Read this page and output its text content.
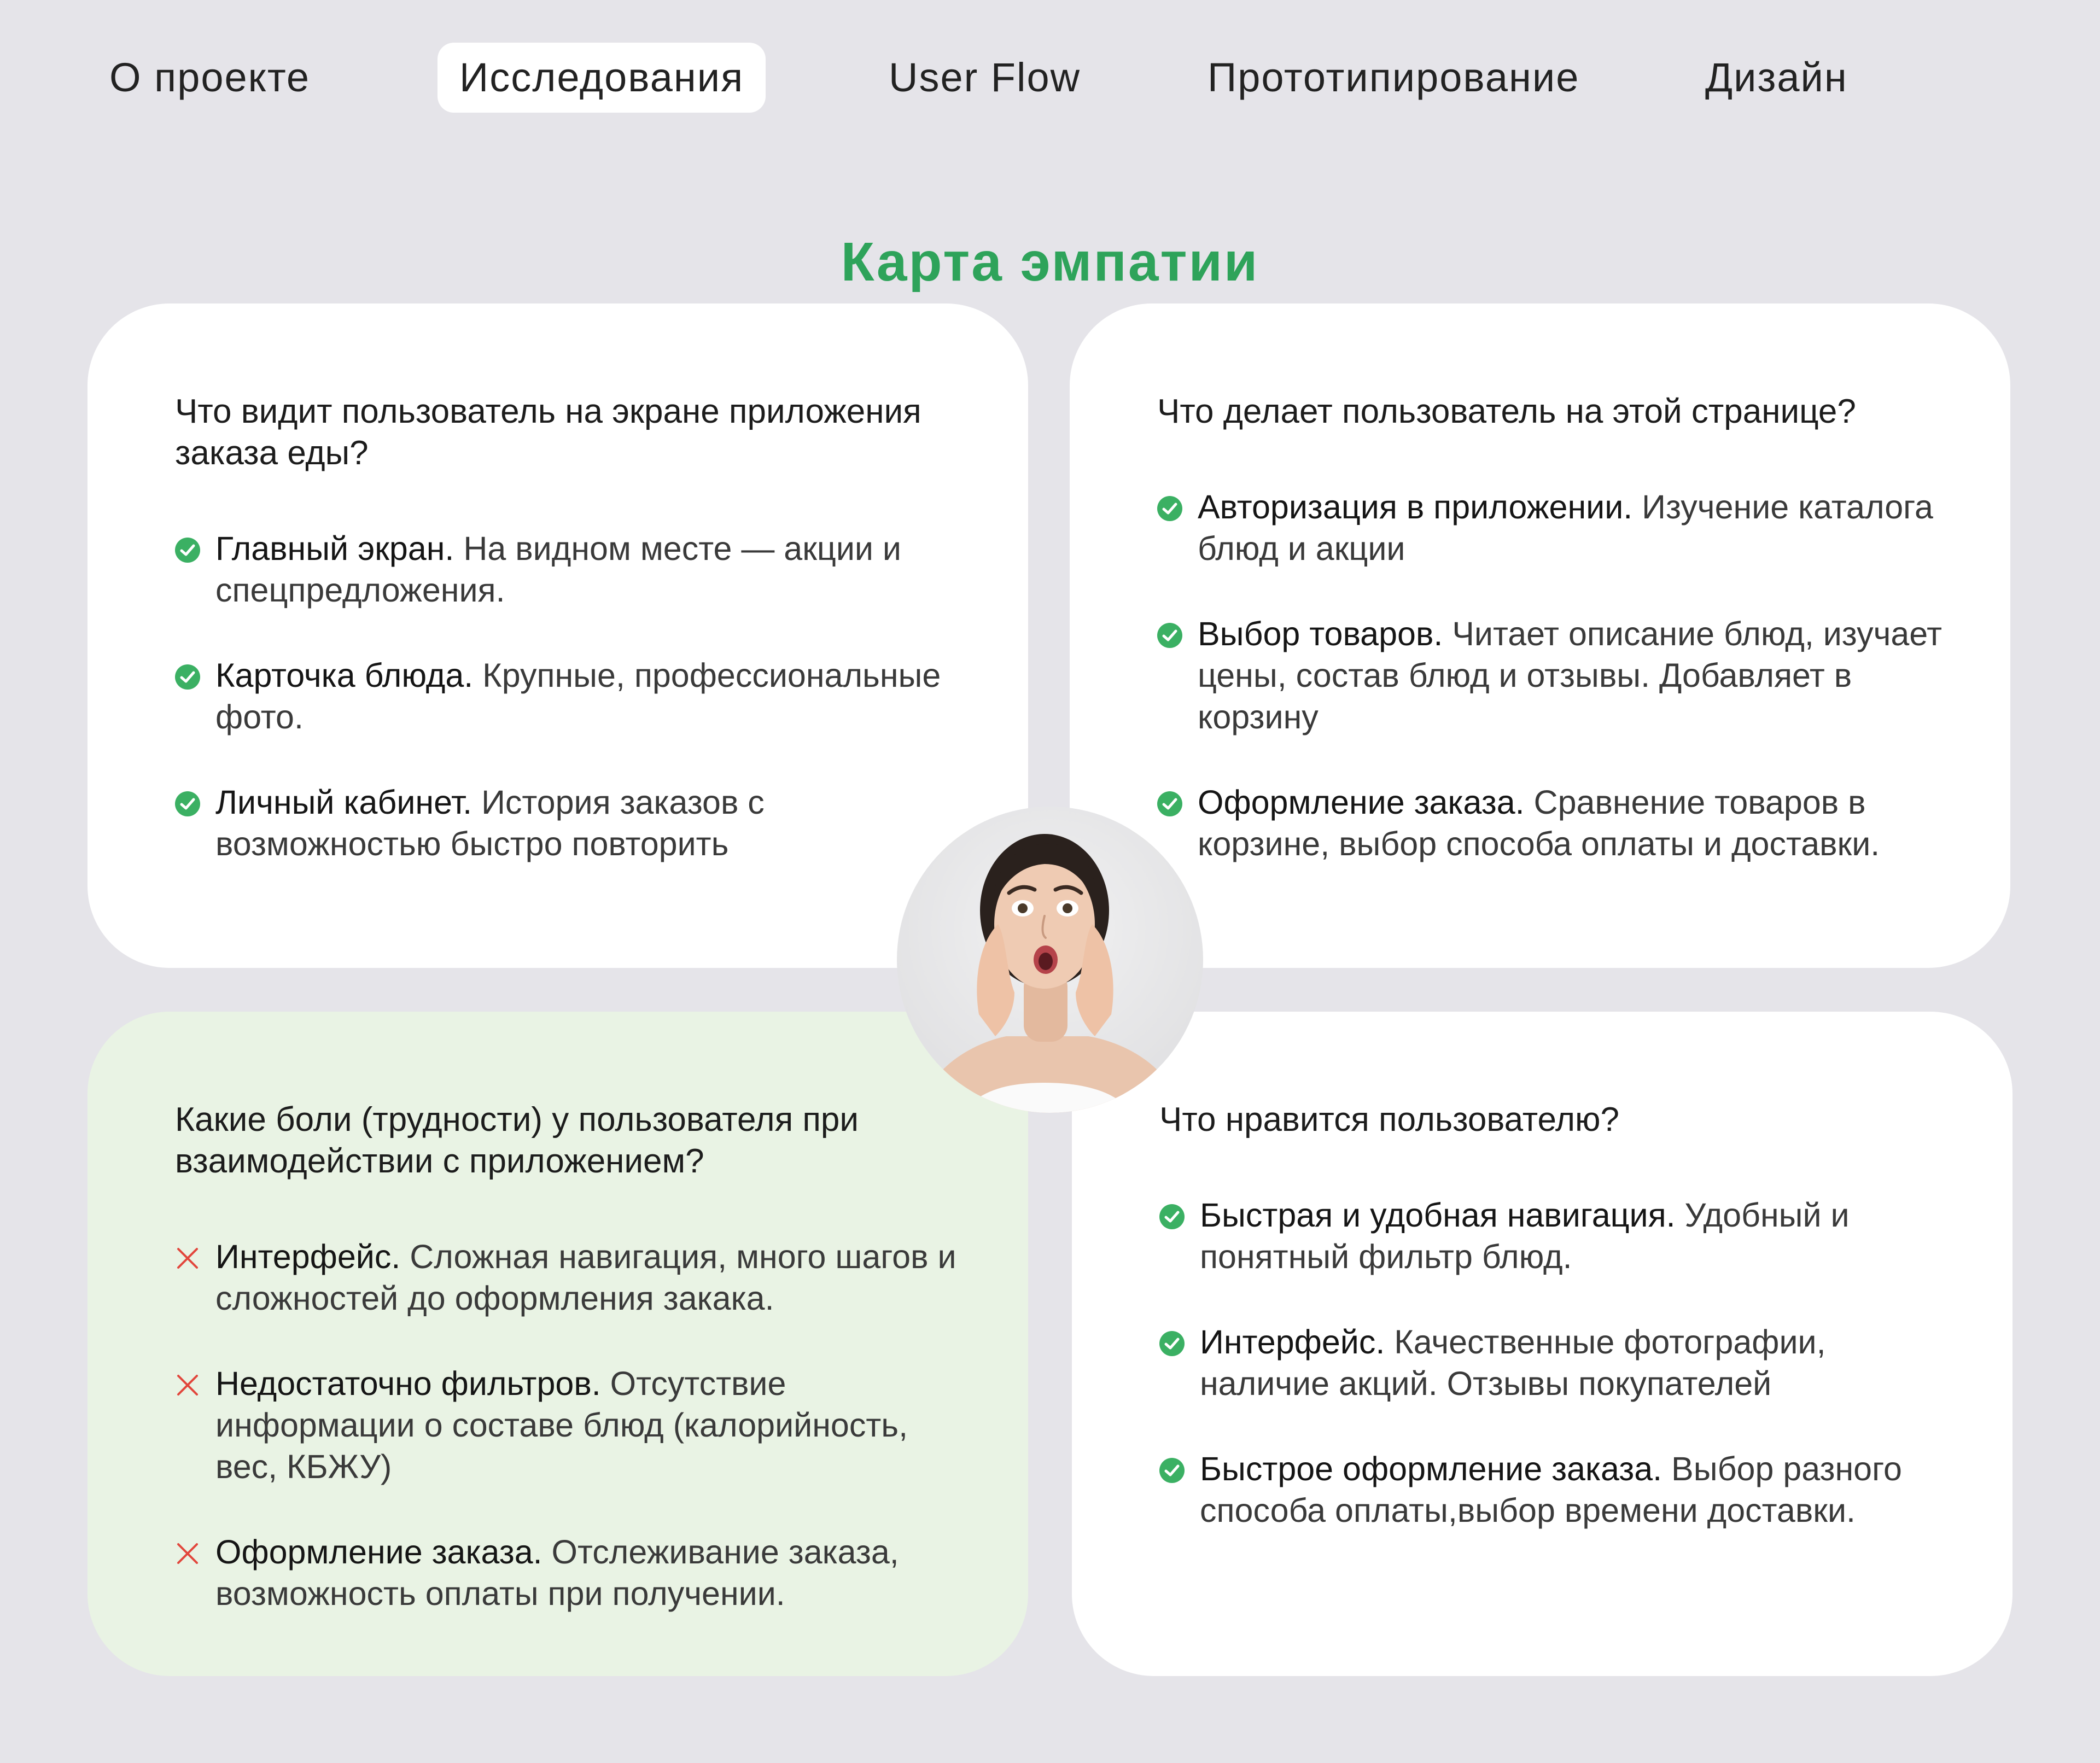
О проекте	Исследования	User Flow	Прототипирование	Дизайн
Карта эмпатии

Что видит пользователь на экране приложения заказа еды?

Главный экран. На видном месте — акции и спецпредложения.
Карточка блюда. Крупные, профессиональные фото.
Личный кабинет. История заказов с возможностью быстро повторить

Что делает пользователь на этой странице?

Авторизация в приложении. Изучение каталога блюд и акции
Выбор товаров. Читает описание блюд, изучает цены, состав блюд и отзывы. Добавляет в корзину
Оформление заказа. Сравнение товаров в корзине, выбор способа оплаты и доставки.

Какие боли (трудности) у пользователя при взаимодействии с приложением?

Интерфейс. Сложная навигация, много шагов и сложностей до оформления закака.
Недостаточно фильтров. Отсутствие информации о составе блюд (калорийность, вес, КБЖУ)
Оформление заказа. Отслеживание заказа, возможность оплаты при получении.

Что нравится пользователю?

Быстрая и удобная навигация. Удобный и понятный фильтр блюд.
Интерфейс. Качественные фотографии, наличие акций. Отзывы покупателей
Быстрое оформление заказа. Выбор разного способа оплаты,выбор времени доставки.
